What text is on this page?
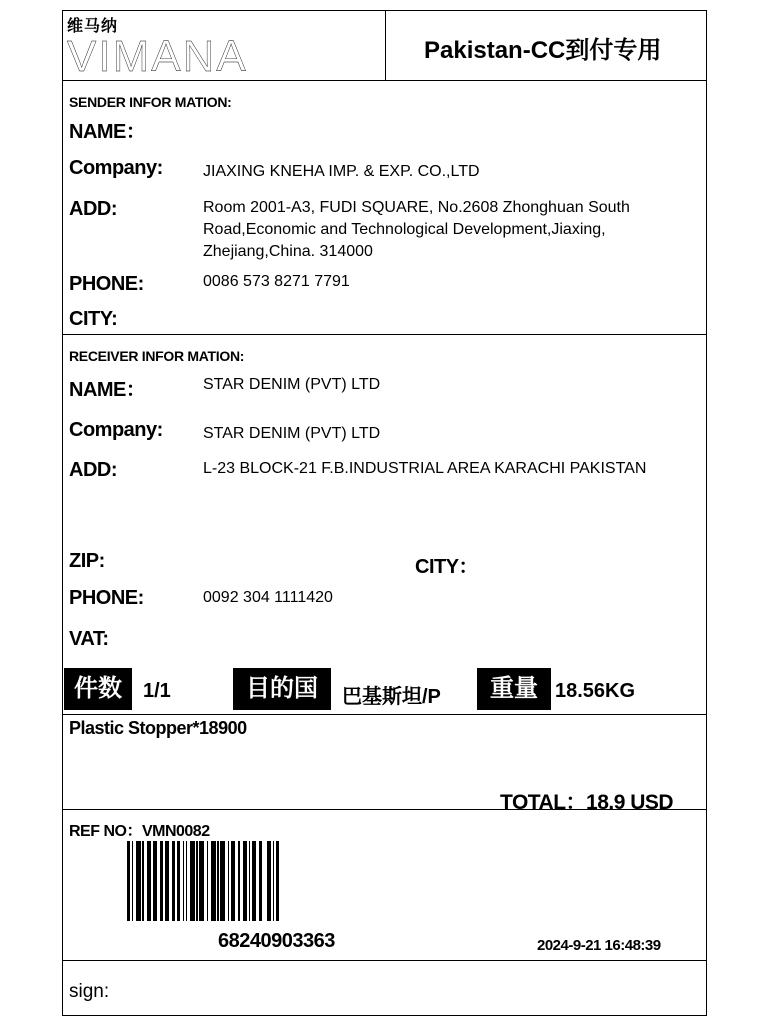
维马纳
VIMANA	Pakistan-CC到付专用
SENDER INFOR MATION:
NAME：
Company:	JIAXING KNEHA IMP. & EXP. CO.,LTD
ADD:	Room 2001-A3, FUDI SQUARE, No.2608 Zhonghuan South Road,Economic and Technological Development,Jiaxing, Zhejiang,China. 314000
PHONE:	0086 573 8271 7791
CITY:
RECEIVER INFOR MATION:
NAME：	STAR DENIM (PVT) LTD
Company:	STAR DENIM (PVT) LTD
ADD:	L-23 BLOCK-21 F.B.INDUSTRIAL AREA KARACHI PAKISTAN
ZIP:	CITY：
PHONE:	0092 304 1111420
VAT:
件数	1/1	目的国	巴基斯坦/P	重量 18.56KG
Plastic Stopper*18900
TOTAL：18.9 USD
REF NO：VMN0082
68240903363	2024-9-21 16:48:39
sign:
